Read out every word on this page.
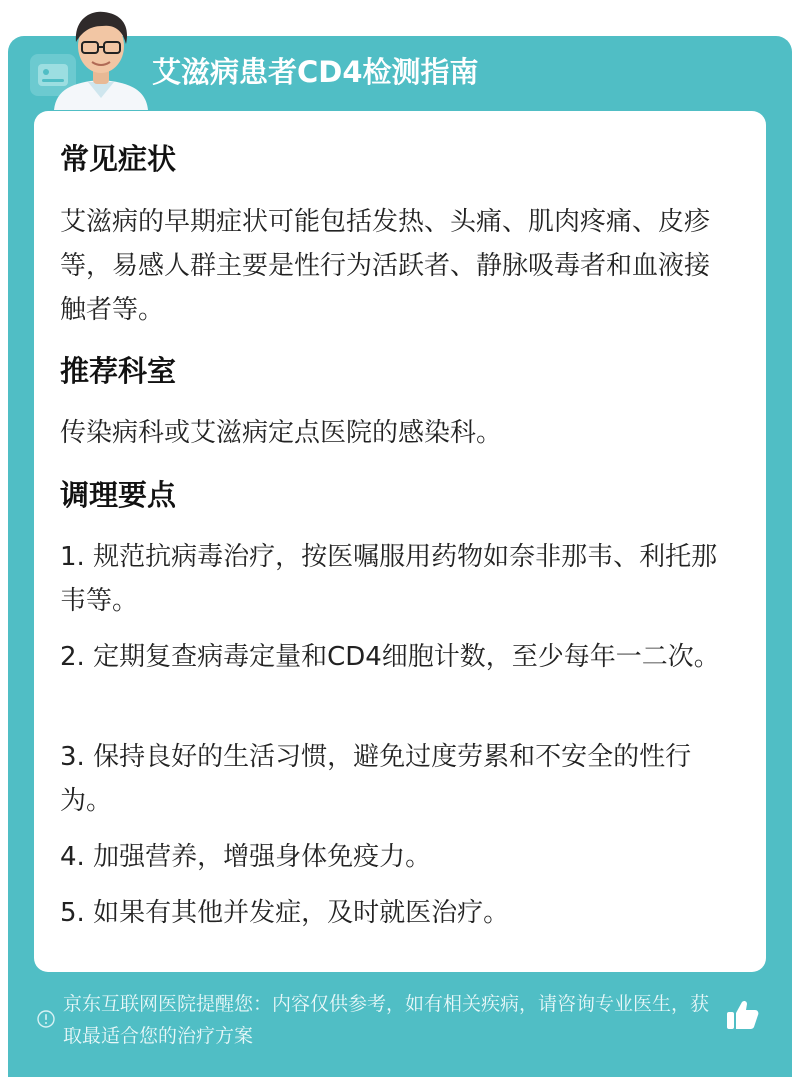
艾滋病患者CD4检测指南
常见症状

艾滋病的早期症状可能包括发热、头痛、肌肉疼痛、皮疹等，易感人群主要是性行为活跃者、静脉吸毒者和血液接触者等。

推荐科室

传染病科或艾滋病定点医院的感染科。

调理要点

1. 规范抗病毒治疗，按医嘱服用药物如奈非那韦、利托那韦等。

2. 定期复查病毒定量和CD4细胞计数，至少每年一二次。

3. 保持良好的生活习惯，避免过度劳累和不安全的性行为。

4. 加强营养，增强身体免疫力。

5. 如果有其他并发症，及时就医治疗。

京东互联网医院提醒您：内容仅供参考，如有相关疾病，请咨询专业医生，获取最适合您的治疗方案
